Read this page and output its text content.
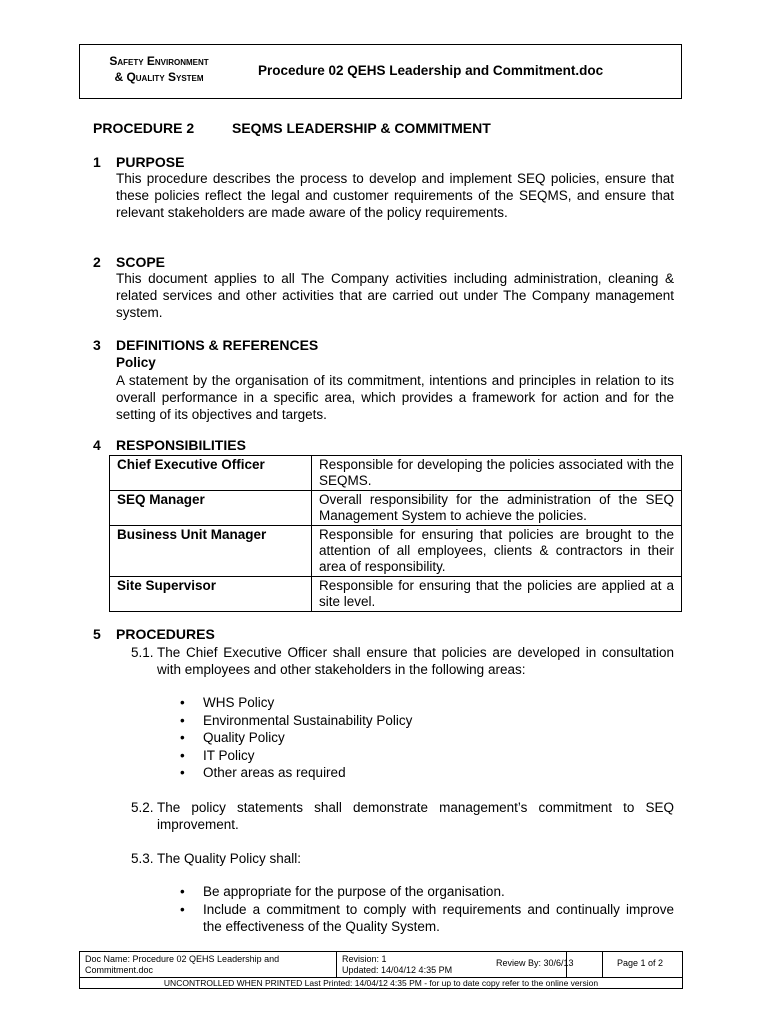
Safety Environment
& Quality System	Procedure 02 QEHS Leadership and Commitment.doc
PROCEDURE 2	SEQMS LEADERSHIP & COMMITMENT
1 PURPOSE
This procedure describes the process to develop and implement SEQ policies, ensure that these policies reflect the legal and customer requirements of the SEQMS, and ensure that relevant stakeholders are made aware of the policy requirements.
2 SCOPE
This document applies to all The Company activities including administration, cleaning & related services and other activities that are carried out under The Company management system.
3 DEFINITIONS & REFERENCES
Policy
A statement by the organisation of its commitment, intentions and principles in relation to its overall performance in a specific area, which provides a framework for action and for the setting of its objectives and targets.
4 RESPONSIBILITIES
Chief Executive Officer	Responsible for developing the policies associated with the SEQMS.
SEQ Manager	Overall responsibility for the administration of the SEQ Management System to achieve the policies.
Business Unit Manager	Responsible for ensuring that policies are brought to the attention of all employees, clients & contractors in their area of responsibility.
Site Supervisor	Responsible for ensuring that the policies are applied at a site level.
5 PROCEDURES
5.1. The Chief Executive Officer shall ensure that policies are developed in consultation with employees and other stakeholders in the following areas:
• WHS Policy
• Environmental Sustainability Policy
• Quality Policy
• IT Policy
• Other areas as required
5.2. The policy statements shall demonstrate management’s commitment to SEQ improvement.
5.3. The Quality Policy shall:
• Be appropriate for the purpose of the organisation.
• Include a commitment to comply with requirements and continually improve the effectiveness of the Quality System.
Doc Name: Procedure 02 QEHS Leadership and Commitment.doc
Revision: 1
Updated: 14/04/12 4:35 PM
Review By: 30/6/13	Page 1 of 2
UNCONTROLLED WHEN PRINTED Last Printed: 14/04/12 4:35 PM - for up to date copy refer to the online version
